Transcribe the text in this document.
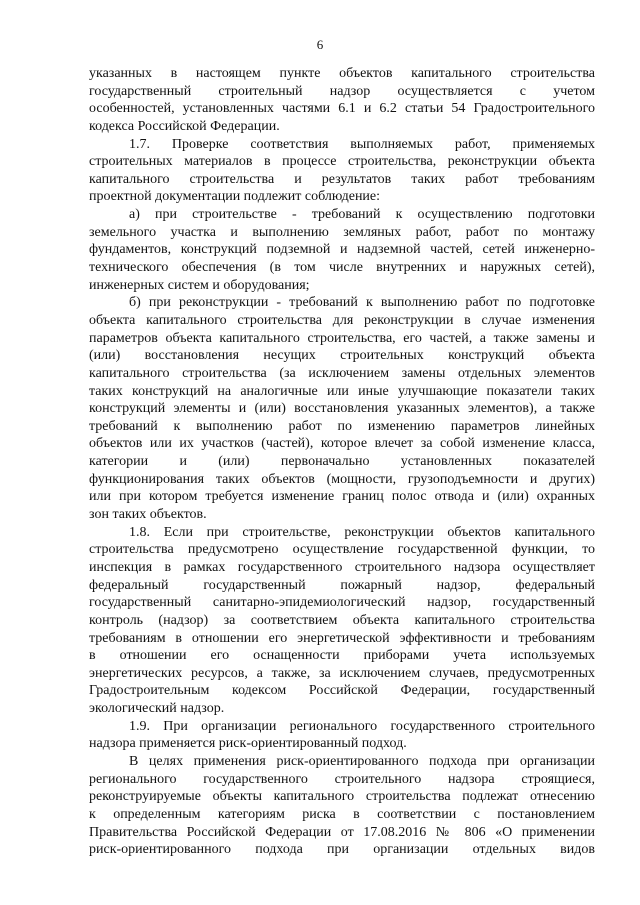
6
указанных в настоящем пункте объектов капитального строительства
государственный строительный надзор осуществляется с учетом
особенностей, установленных частями 6.1 и 6.2 статьи 54 Градостроительного
кодекса Российской Федерации.
1.7. Проверке соответствия выполняемых работ, применяемых
строительных материалов в процессе строительства, реконструкции объекта
капитального строительства и результатов таких работ требованиям
проектной документации подлежит соблюдение:
а) при строительстве - требований к осуществлению подготовки
земельного участка и выполнению земляных работ, работ по монтажу
фундаментов, конструкций подземной и надземной частей, сетей инженерно-
технического обеспечения (в том числе внутренних и наружных сетей),
инженерных систем и оборудования;
б) при реконструкции - требований к выполнению работ по подготовке
объекта капитального строительства для реконструкции в случае изменения
параметров объекта капитального строительства, его частей, а также замены и
(или) восстановления несущих строительных конструкций объекта
капитального строительства (за исключением замены отдельных элементов
таких конструкций на аналогичные или иные улучшающие показатели таких
конструкций элементы и (или) восстановления указанных элементов), а также
требований к выполнению работ по изменению параметров линейных
объектов или их участков (частей), которое влечет за собой изменение класса,
категории и (или) первоначально установленных показателей
функционирования таких объектов (мощности, грузоподъемности и других)
или при котором требуется изменение границ полос отвода и (или) охранных
зон таких объектов.
1.8. Если при строительстве, реконструкции объектов капитального
строительства предусмотрено осуществление государственной функции, то
инспекция в рамках государственного строительного надзора осуществляет
федеральный государственный пожарный надзор, федеральный
государственный санитарно-эпидемиологический надзор, государственный
контроль (надзор) за соответствием объекта капитального строительства
требованиям в отношении его энергетической эффективности и требованиям
в отношении его оснащенности приборами учета используемых
энергетических ресурсов, а также, за исключением случаев, предусмотренных
Градостроительным кодексом Российской Федерации, государственный
экологический надзор.
1.9. При организации регионального государственного строительного
надзора применяется риск-ориентированный подход.
В целях применения риск-ориентированного подхода при организации
регионального государственного строительного надзора строящиеся,
реконструируемые объекты капитального строительства подлежат отнесению
к определенным категориям риска в соответствии с постановлением
Правительства Российской Федерации от 17.08.2016 № 806 «О применении
риск-ориентированного подхода при организации отдельных видов
